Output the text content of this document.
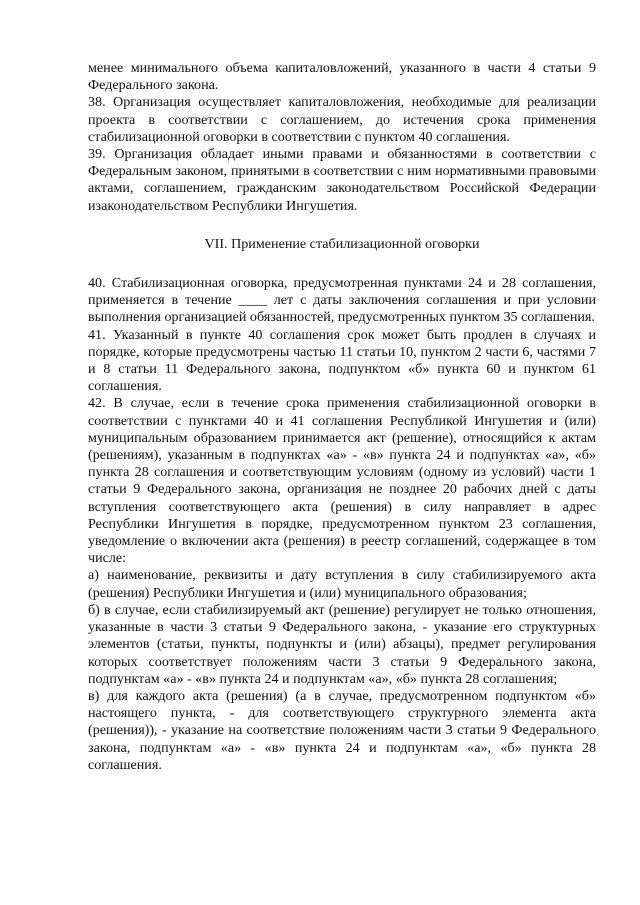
менее минимального объема капиталовложений, указанного в части 4 статьи 9 Федерального закона.

38. Организация осуществляет капиталовложения, необходимые для реализации проекта в соответствии с соглашением, до истечения срока применения стабилизационной оговорки в соответствии с пунктом 40 соглашения.

39. Организация обладает иными правами и обязанностями в соответствии с Федеральным законом, принятыми в соответствии с ним нормативными правовыми актами, соглашением, гражданским законодательством Российской Федерации изаконодательством Республики Ингушетия.

VII. Применение стабилизационной оговорки

40. Стабилизационная оговорка, предусмотренная пунктами 24 и 28 соглашения, применяется в течение ____ лет с даты заключения соглашения и при условии выполнения организацией обязанностей, предусмотренных пунктом 35 соглашения.

41. Указанный в пункте 40 соглашения срок может быть продлен в случаях и порядке, которые предусмотрены частью 11 статьи 10, пунктом 2 части 6, частями 7 и 8 статьи 11 Федерального закона, подпунктом «б» пункта 60 и пунктом 61 соглашения.

42. В случае, если в течение срока применения стабилизационной оговорки в соответствии с пунктами 40 и 41 соглашения Республикой Ингушетия и (или) муниципальным образованием принимается акт (решение), относящийся к актам (решениям), указанным в подпунктах «а» - «в» пункта 24 и подпунктах «а», «б» пункта 28 соглашения и соответствующим условиям (одному из условий) части 1 статьи 9 Федерального закона, организация не позднее 20 рабочих дней с даты вступления соответствующего акта (решения) в силу направляет в адрес Республики Ингушетия в порядке, предусмотренном пунктом 23 соглашения, уведомление о включении акта (решения) в реестр соглашений, содержащее в том числе:

а) наименование, реквизиты и дату вступления в силу стабилизируемого акта (решения) Республики Ингушетия и (или) муниципального образования;

б) в случае, если стабилизируемый акт (решение) регулирует не только отношения, указанные в части 3 статьи 9 Федерального закона, - указание его структурных элементов (статьи, пункты, подпункты и (или) абзацы), предмет регулирования которых соответствует положениям части 3 статьи 9 Федерального закона, подпунктам «а» - «в» пункта 24 и подпунктам «а», «б» пункта 28 соглашения;

в) для каждого акта (решения) (а в случае, предусмотренном подпунктом «б» настоящего пункта, - для соответствующего структурного элемента акта (решения)), - указание на соответствие положениям части 3 статьи 9 Федерального закона, подпунктам «а» - «в» пункта 24 и подпунктам «а», «б» пункта 28 соглашения.
